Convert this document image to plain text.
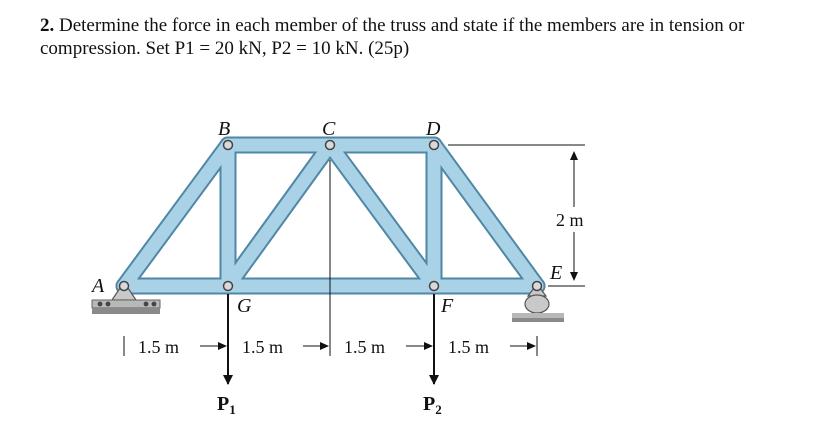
2. Determine the force in each member of the truss and state if the members are in tension or compression. Set P1 = 20 kN, P2 = 10 kN. (25p)
A
B	C	D
E
G	F
2 m
1.5 m	1.5 m	1.5 m	1.5 m
$P_1$	$P_2$
